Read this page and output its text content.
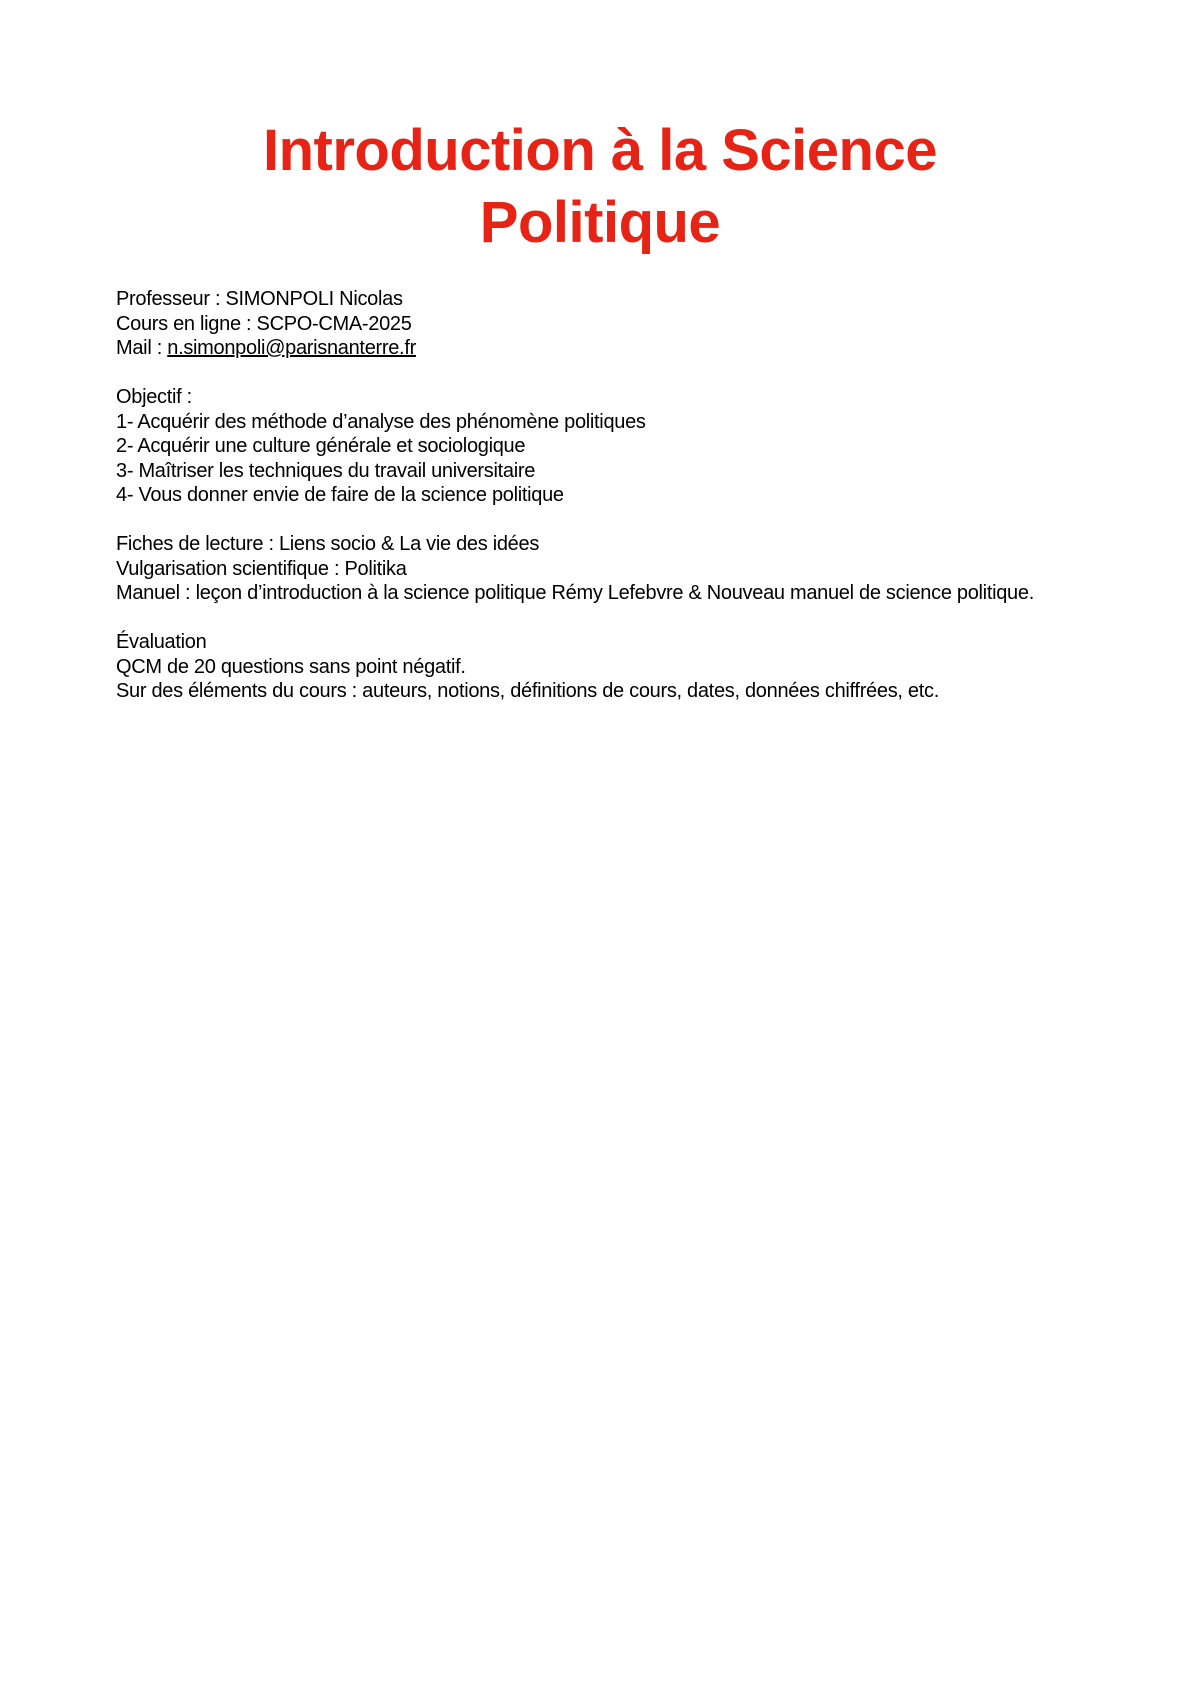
Introduction à la Science
Politique
Professeur : SIMONPOLI Nicolas
Cours en ligne : SCPO-CMA-2025
Mail : n.simonpoli@parisnanterre.fr
Objectif :
1- Acquérir des méthode d’analyse des phénomène politiques
2- Acquérir une culture générale et sociologique
3- Maîtriser les techniques du travail universitaire
4- Vous donner envie de faire de la science politique
Fiches de lecture : Liens socio & La vie des idées
Vulgarisation scientifique : Politika
Manuel : leçon d’introduction à la science politique Rémy Lefebvre & Nouveau manuel de science politique.
Évaluation
QCM de 20 questions sans point négatif.
Sur des éléments du cours : auteurs, notions, définitions de cours, dates, données chiffrées, etc.
